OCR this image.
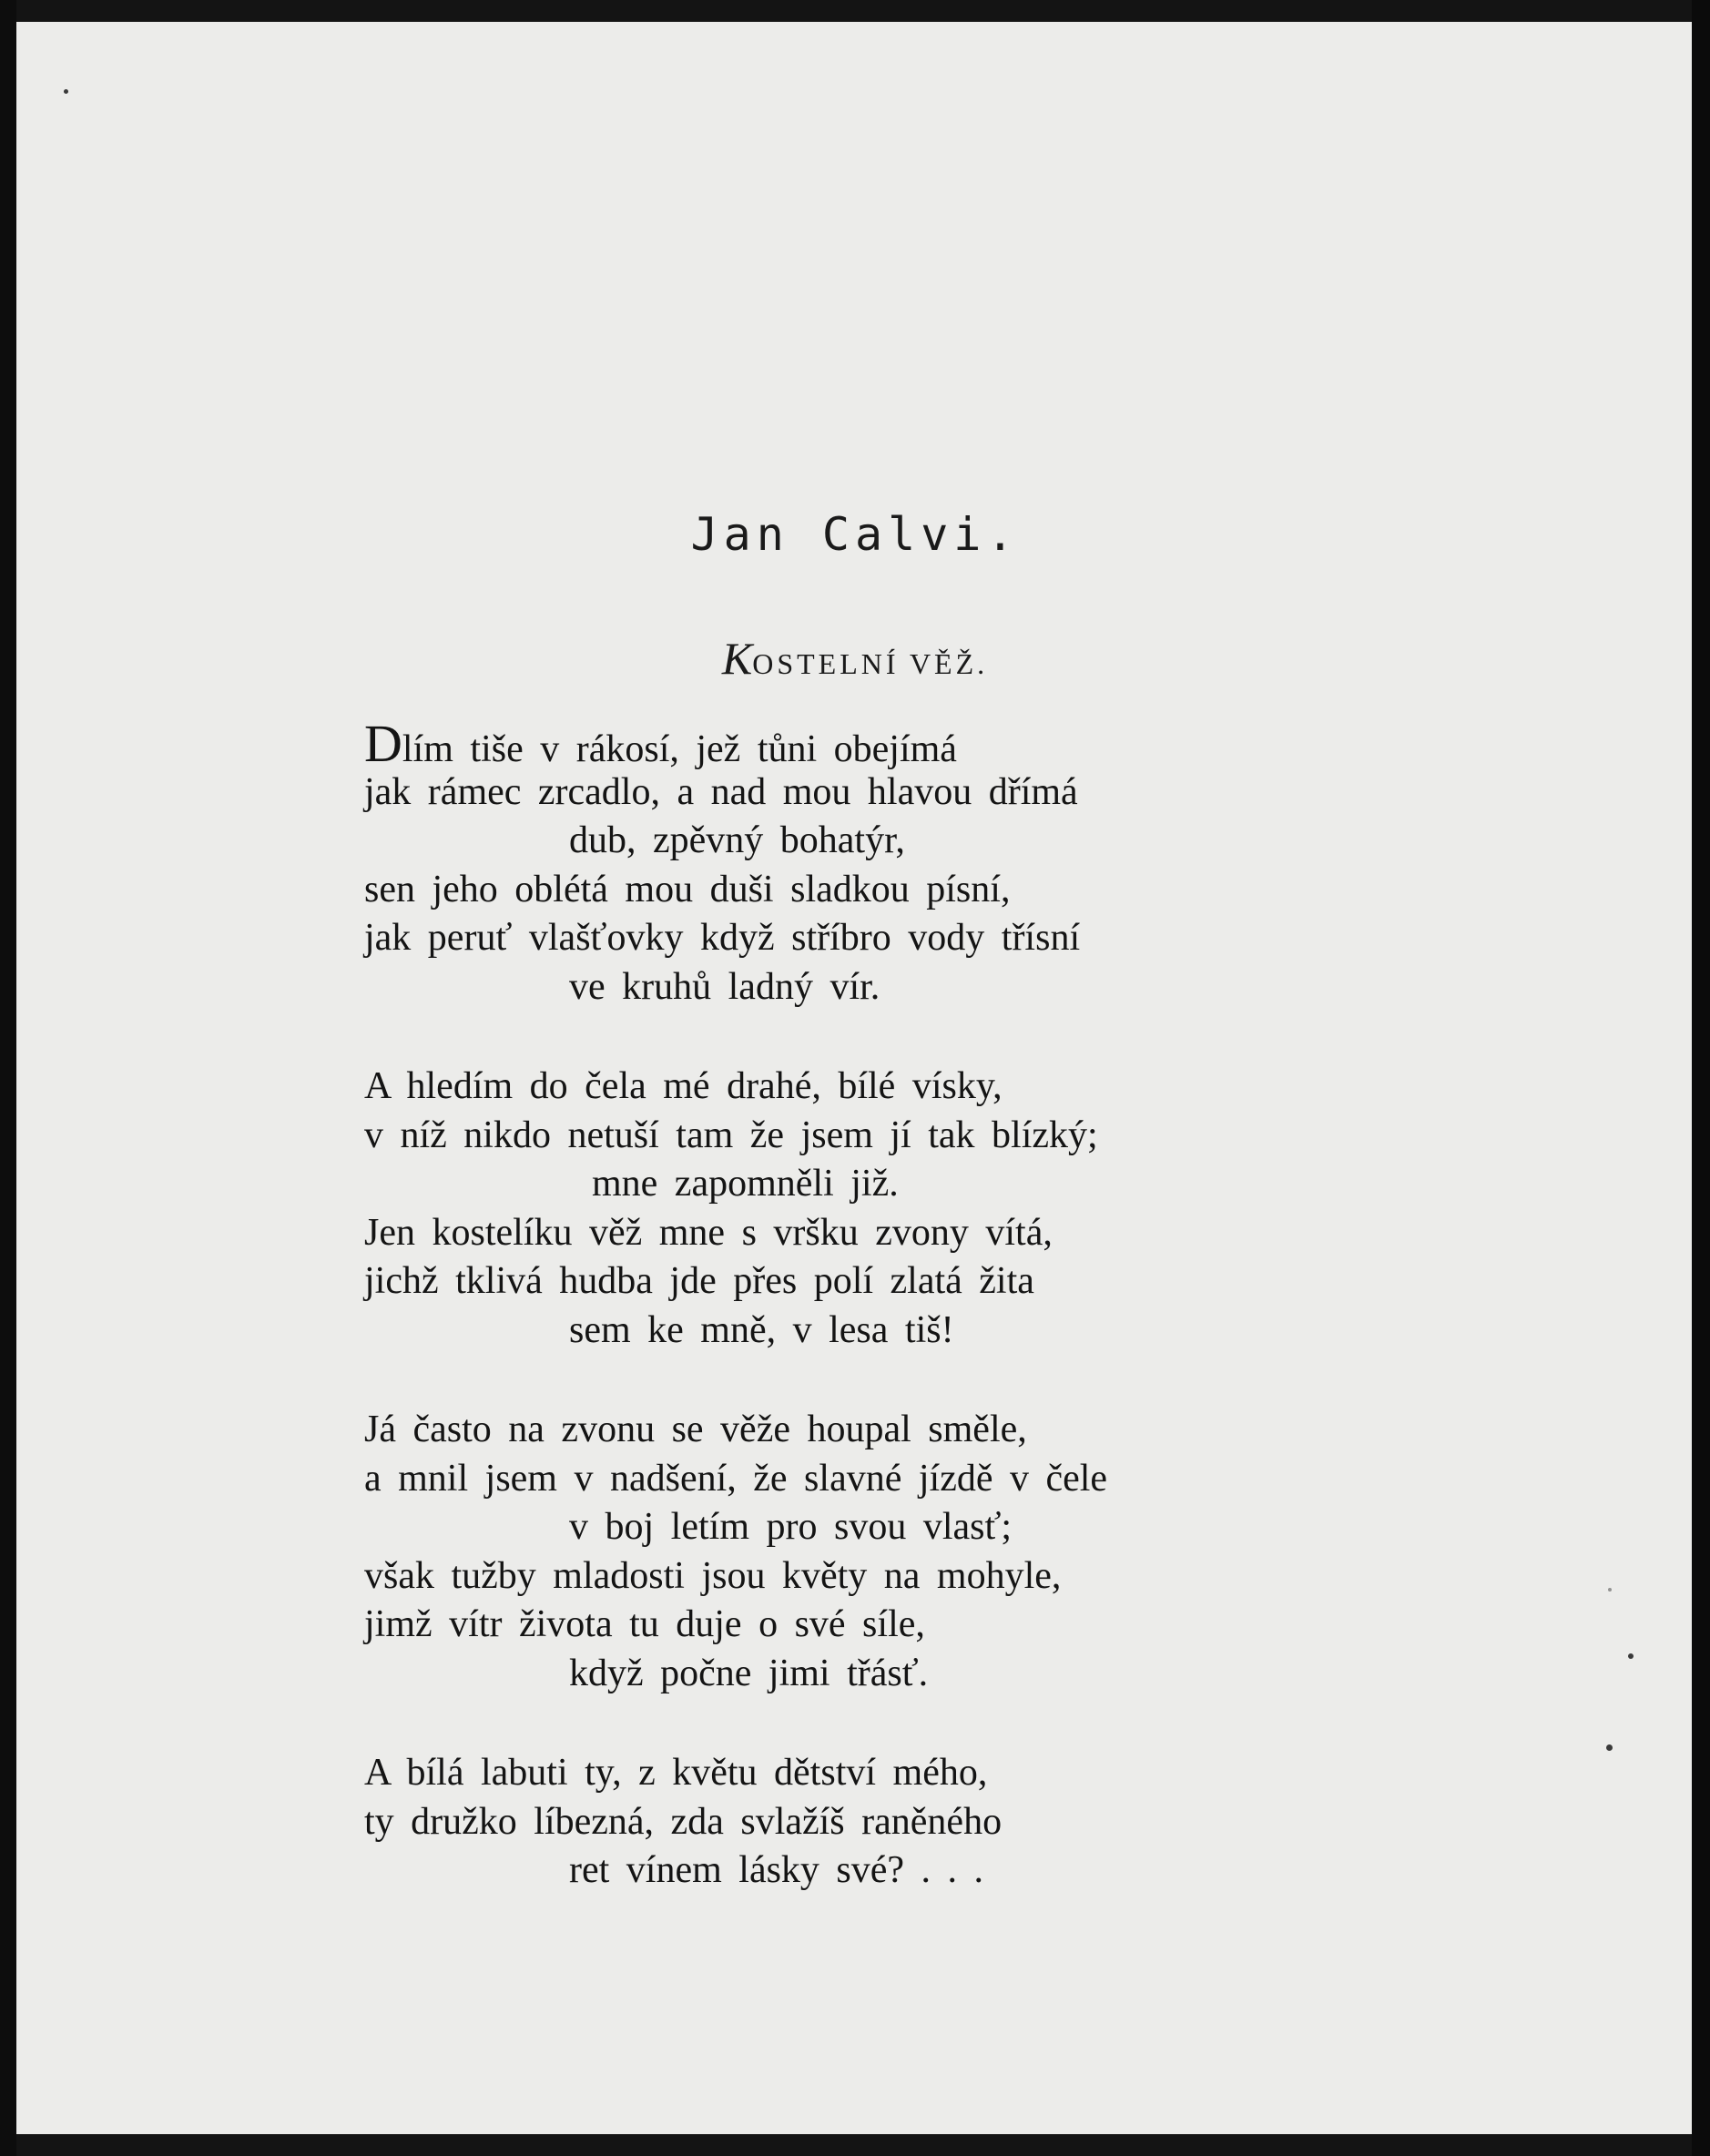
Jan Calvi.
KOSTELNÍ VĚŽ.
Dlím tiše v rákosí, jež tůni obejímá
jak rámec zrcadlo, a nad mou hlavou dřímá
dub, zpěvný bohatýr,
sen jeho oblétá mou duši sladkou písní,
jak peruť vlašťovky když stříbro vody třísní
ve kruhů ladný vír.
A hledím do čela mé drahé, bílé vísky,
v níž nikdo netuší tam že jsem jí tak blízký;
mne zapomněli již.
Jen kostelíku věž mne s vršku zvony vítá,
jichž tklivá hudba jde přes polí zlatá žita
sem ke mně, v lesa tiš!
Já často na zvonu se věže houpal směle,
a mnil jsem v nadšení, že slavné jízdě v čele
v boj letím pro svou vlasť;
však tužby mladosti jsou květy na mohyle,
jimž vítr života tu duje o své síle,
když počne jimi třásť.
A bílá labuti ty, z květu dětství mého,
ty družko líbezná, zda svlažíš raněného
ret vínem lásky své? . . .
